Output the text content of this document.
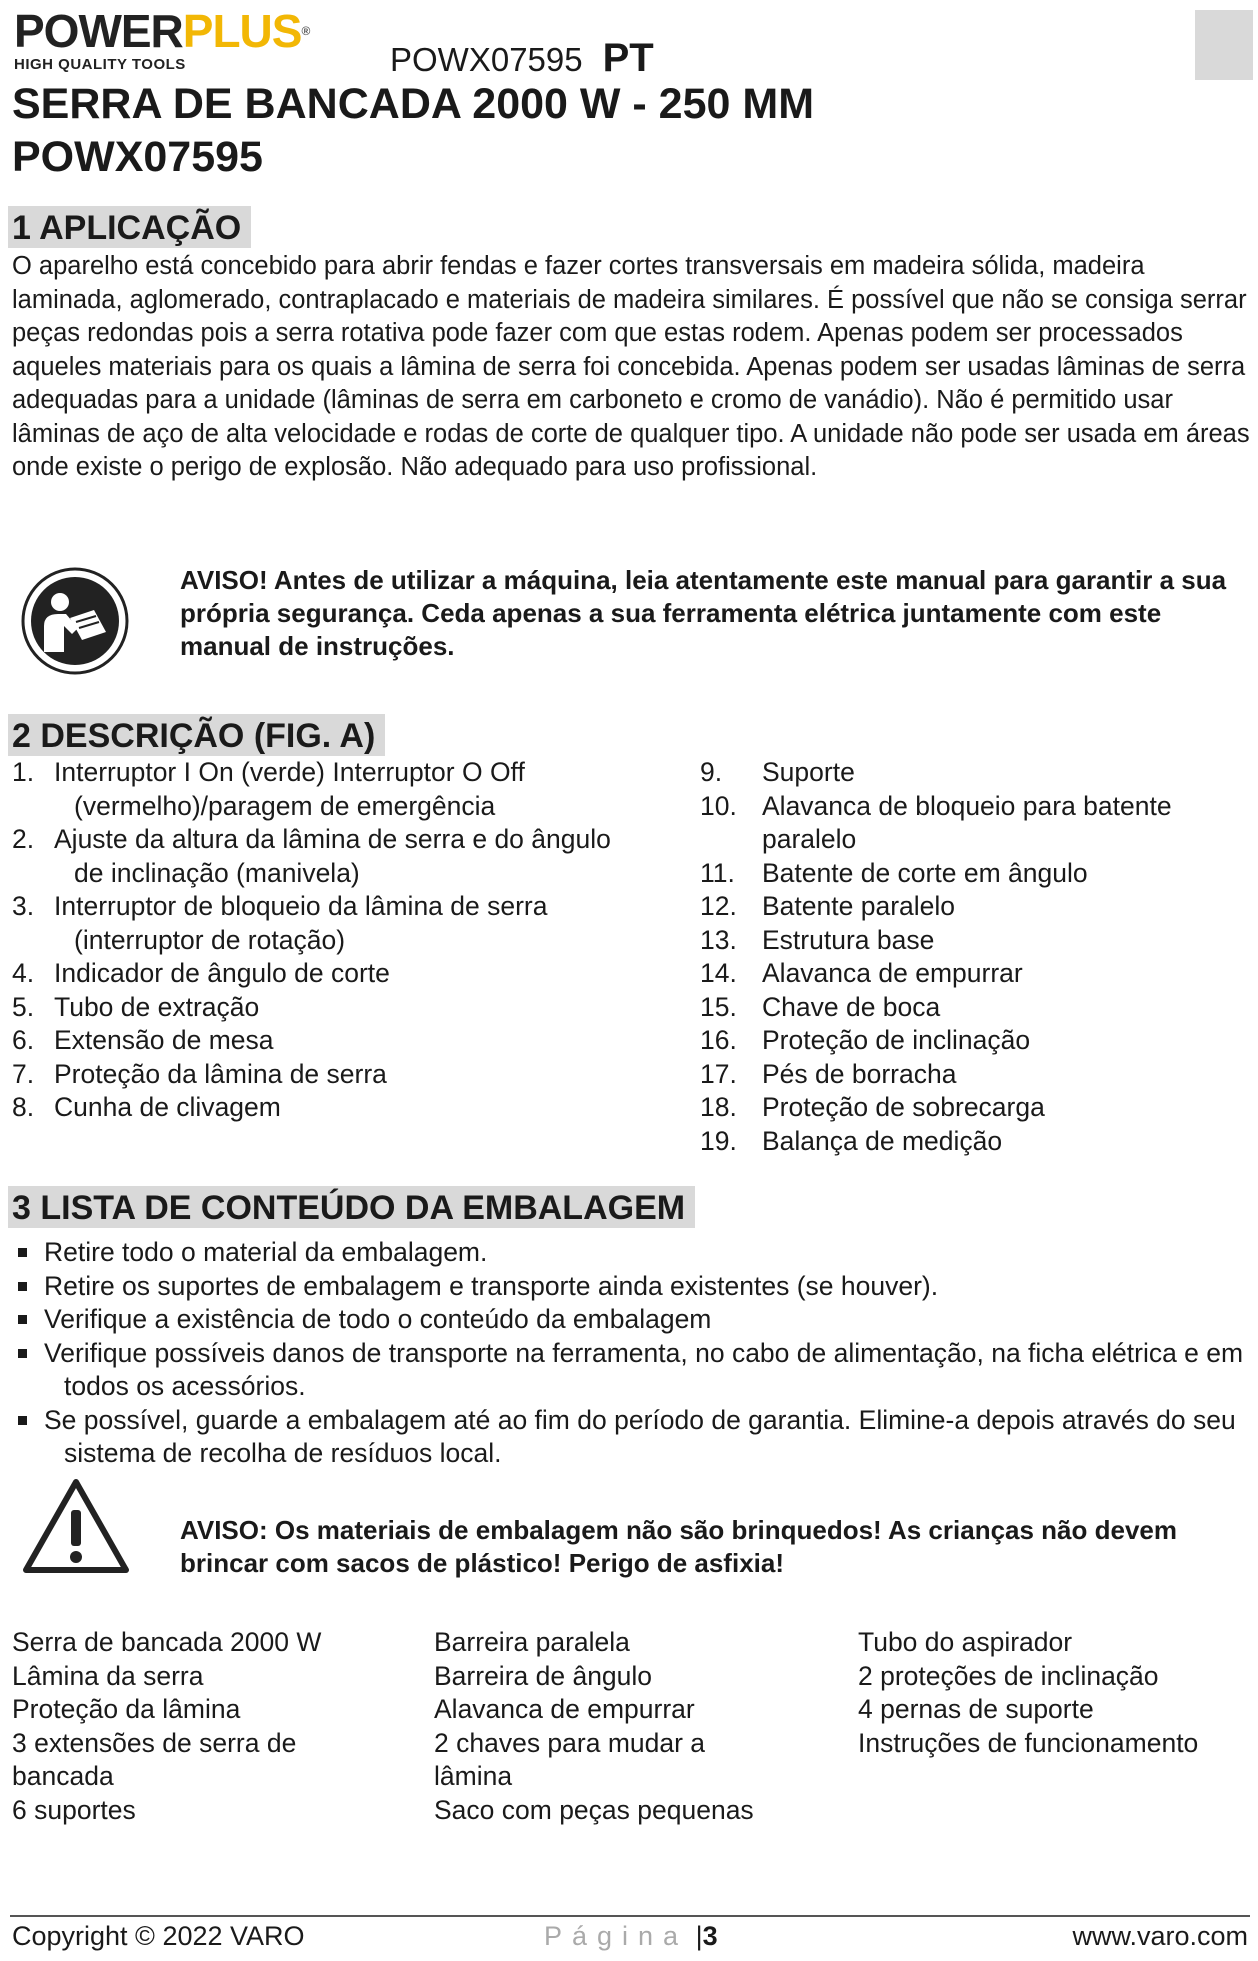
POWERPLUS®
HIGH QUALITY TOOLS	POWX07595 PT
SERRA DE BANCADA 2000 W - 250 MM
POWX07595
1 APLICAÇÃO
O aparelho está concebido para abrir fendas e fazer cortes transversais em madeira sólida, madeira laminada, aglomerado, contraplacado e materiais de madeira similares. É possível que não se consiga serrar peças redondas pois a serra rotativa pode fazer com que estas rodem. Apenas podem ser processados aqueles materiais para os quais a lâmina de serra foi concebida. Apenas podem ser usadas lâminas de serra adequadas para a unidade (lâminas de serra em carboneto e cromo de vanádio). Não é permitido usar lâminas de aço de alta velocidade e rodas de corte de qualquer tipo. A unidade não pode ser usada em áreas onde existe o perigo de explosão. Não adequado para uso profissional.
AVISO! Antes de utilizar a máquina, leia atentamente este manual para garantir a sua própria segurança. Ceda apenas a sua ferramenta elétrica juntamente com este manual de instruções.
2 DESCRIÇÃO (FIG. A)
1. Interruptor I On (verde) Interruptor O Off (vermelho)/paragem de emergência
2. Ajuste da altura da lâmina de serra e do ângulo de inclinação (manivela)
3. Interruptor de bloqueio da lâmina de serra (interruptor de rotação)
4. Indicador de ângulo de corte
5. Tubo de extração
6. Extensão de mesa
7. Proteção da lâmina de serra
8. Cunha de clivagem
9.	Suporte
10. Alavanca de bloqueio para batente paralelo
11.	Batente de corte em ângulo
12. Batente paralelo
13. Estrutura base
14. Alavanca de empurrar
15. Chave de boca
16. Proteção de inclinação
17. Pés de borracha
18. Proteção de sobrecarga
19. Balança de medição
3 LISTA DE CONTEÚDO DA EMBALAGEM
Retire todo o material da embalagem.
Retire os suportes de embalagem e transporte ainda existentes (se houver).
Verifique a existência de todo o conteúdo da embalagem
Verifique possíveis danos de transporte na ferramenta, no cabo de alimentação, na ficha elétrica e em todos os acessórios.
Se possível, guarde a embalagem até ao fim do período de garantia. Elimine-a depois através do seu sistema de recolha de resíduos local.
AVISO: Os materiais de embalagem não são brinquedos! As crianças não devem brincar com sacos de plástico! Perigo de asfixia!
Serra de bancada 2000 W
Lâmina da serra
Proteção da lâmina
3 extensões de serra de bancada
6 suportes
Barreira paralela
Barreira de ângulo
Alavanca de empurrar
2 chaves para mudar a lâmina
Saco com peças pequenas
Tubo do aspirador
2 proteções de inclinação
4 pernas de suporte
Instruções de funcionamento
Copyright © 2022 VARO	Página |3	www.varo.com
